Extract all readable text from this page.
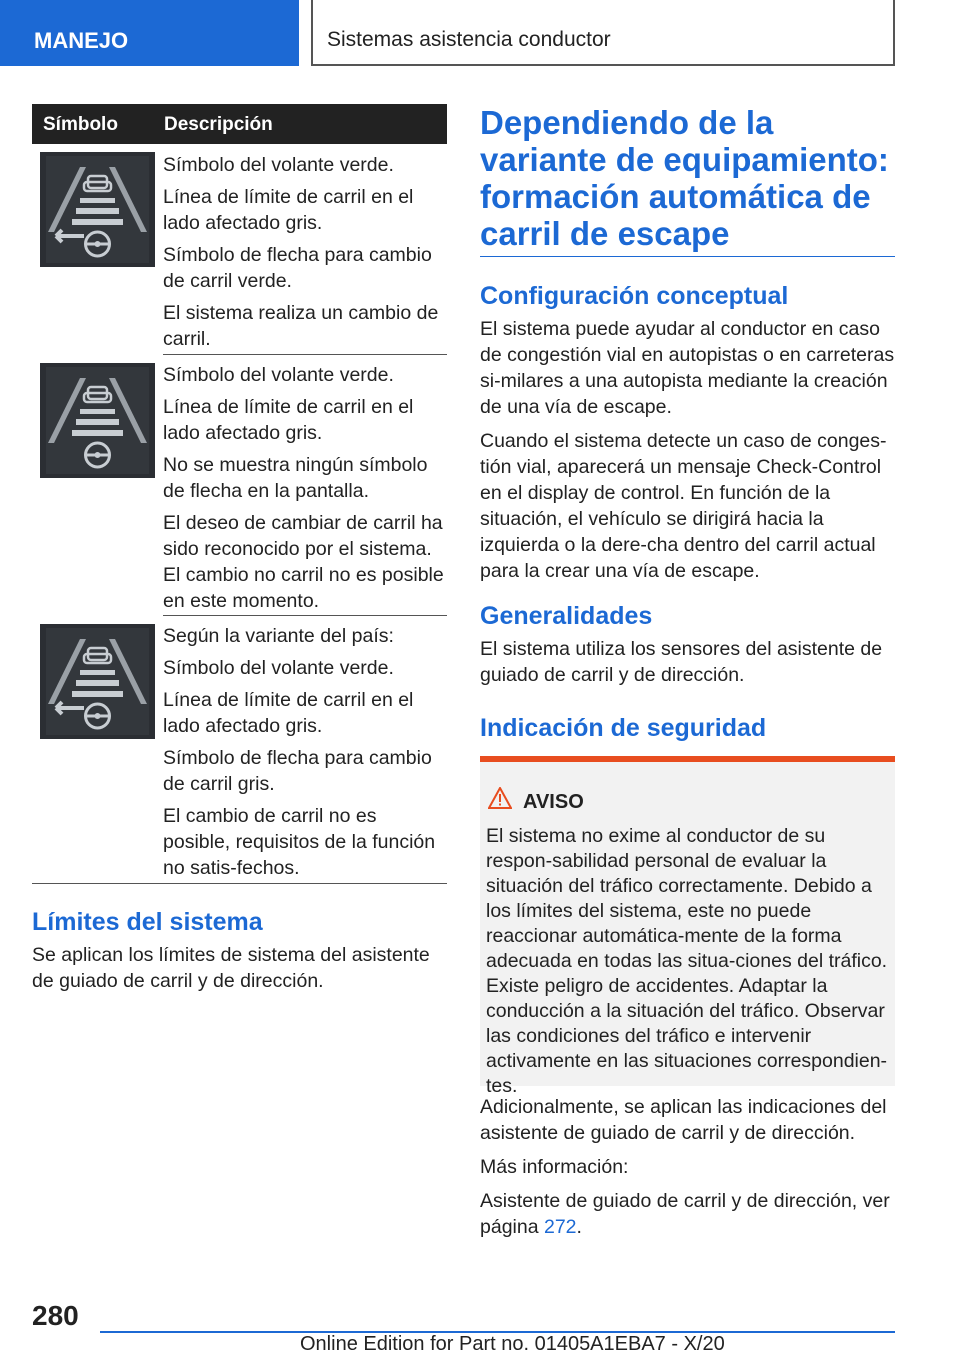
MANEJO	Sistemas asistencia conductor
Símbolo Descripción

Símbolo del volante verde.

Línea de límite de carril en el lado afectado gris.

Símbolo de flecha para cambio de carril verde.

El sistema realiza un cambio de carril.

Símbolo del volante verde.

Línea de límite de carril en el lado afectado gris.

No se muestra ningún símbolo de flecha en la pantalla.

El deseo de cambiar de carril ha sido reconocido por el sistema. El cambio no carril no es posible en este momento.

Según la variante del país:

Símbolo del volante verde.

Línea de límite de carril en el lado afectado gris.

Símbolo de flecha para cambio de carril gris.

El cambio de carril no es posible, requisitos de la función no satis-fechos.

Límites del sistema

Se aplican los límites de sistema del asistente de guiado de carril y de dirección.

Dependiendo de la variante de equipamiento: formación automática de carril de escape
Configuración conceptual

El sistema puede ayudar al conductor en caso de congestión vial en autopistas o en carreteras si-milares a una autopista mediante la creación de una vía de escape.

Cuando el sistema detecte un caso de conges-tión vial, aparecerá un mensaje Check-Control en el display de control. En función de la situación, el vehículo se dirigirá hacia la izquierda o la dere-cha dentro del carril actual para la crear una vía de escape.

Generalidades

El sistema utiliza los sensores del asistente de guiado de carril y de dirección.

Indicación de seguridad
AVISO
El sistema no exime al conductor de su respon-sabilidad personal de evaluar la situación del tráfico correctamente. Debido a los límites del sistema, este no puede reaccionar automática-mente de la forma adecuada en todas las situa-ciones del tráfico. Existe peligro de accidentes. Adaptar la conducción a la situación del tráfico. Observar las condiciones del tráfico e intervenir activamente en las situaciones correspondien-tes.

Adicionalmente, se aplican las indicaciones del asistente de guiado de carril y de dirección.

Más información:

Asistente de guiado de carril y de dirección, ver página 272.

280
Online Edition for Part no. 01405A1EBA7 - X/20
